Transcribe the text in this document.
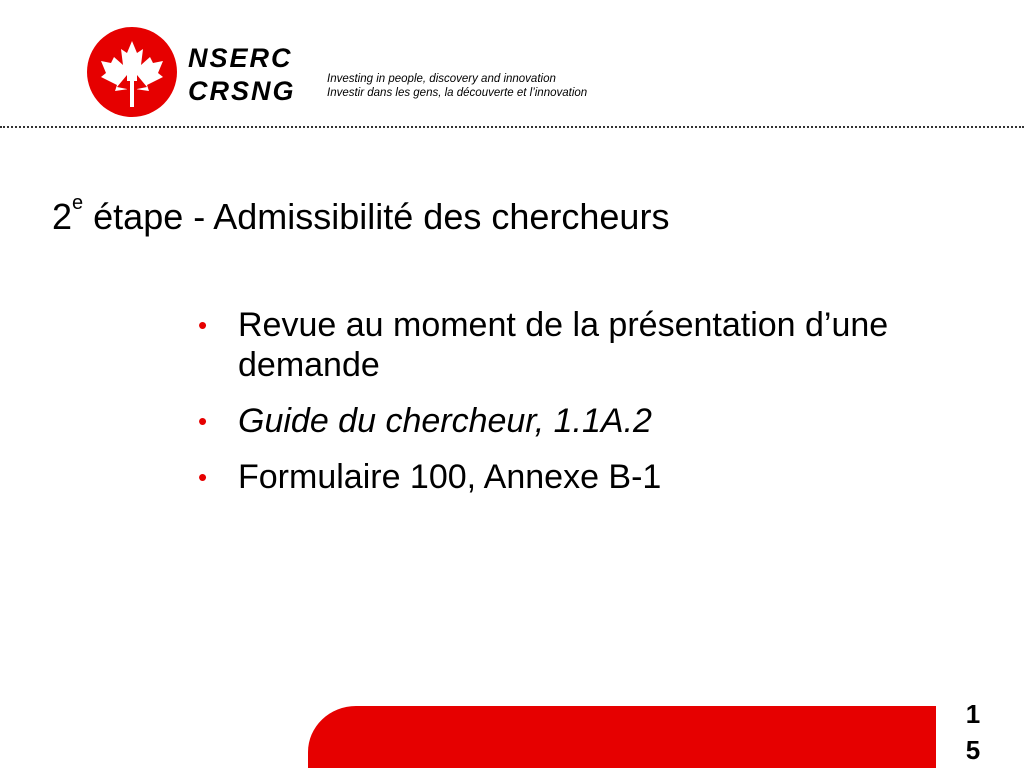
NSERC
CRSNG	Investing in people, discovery and innovation
Investir dans les gens, la découverte et l’innovation
2e étape - Admissibilité des chercheurs
• Revue au moment de la présentation d’une demande
• Guide du chercheur, 1.1A.2
• Formulaire 100, Annexe B-1
1
5
